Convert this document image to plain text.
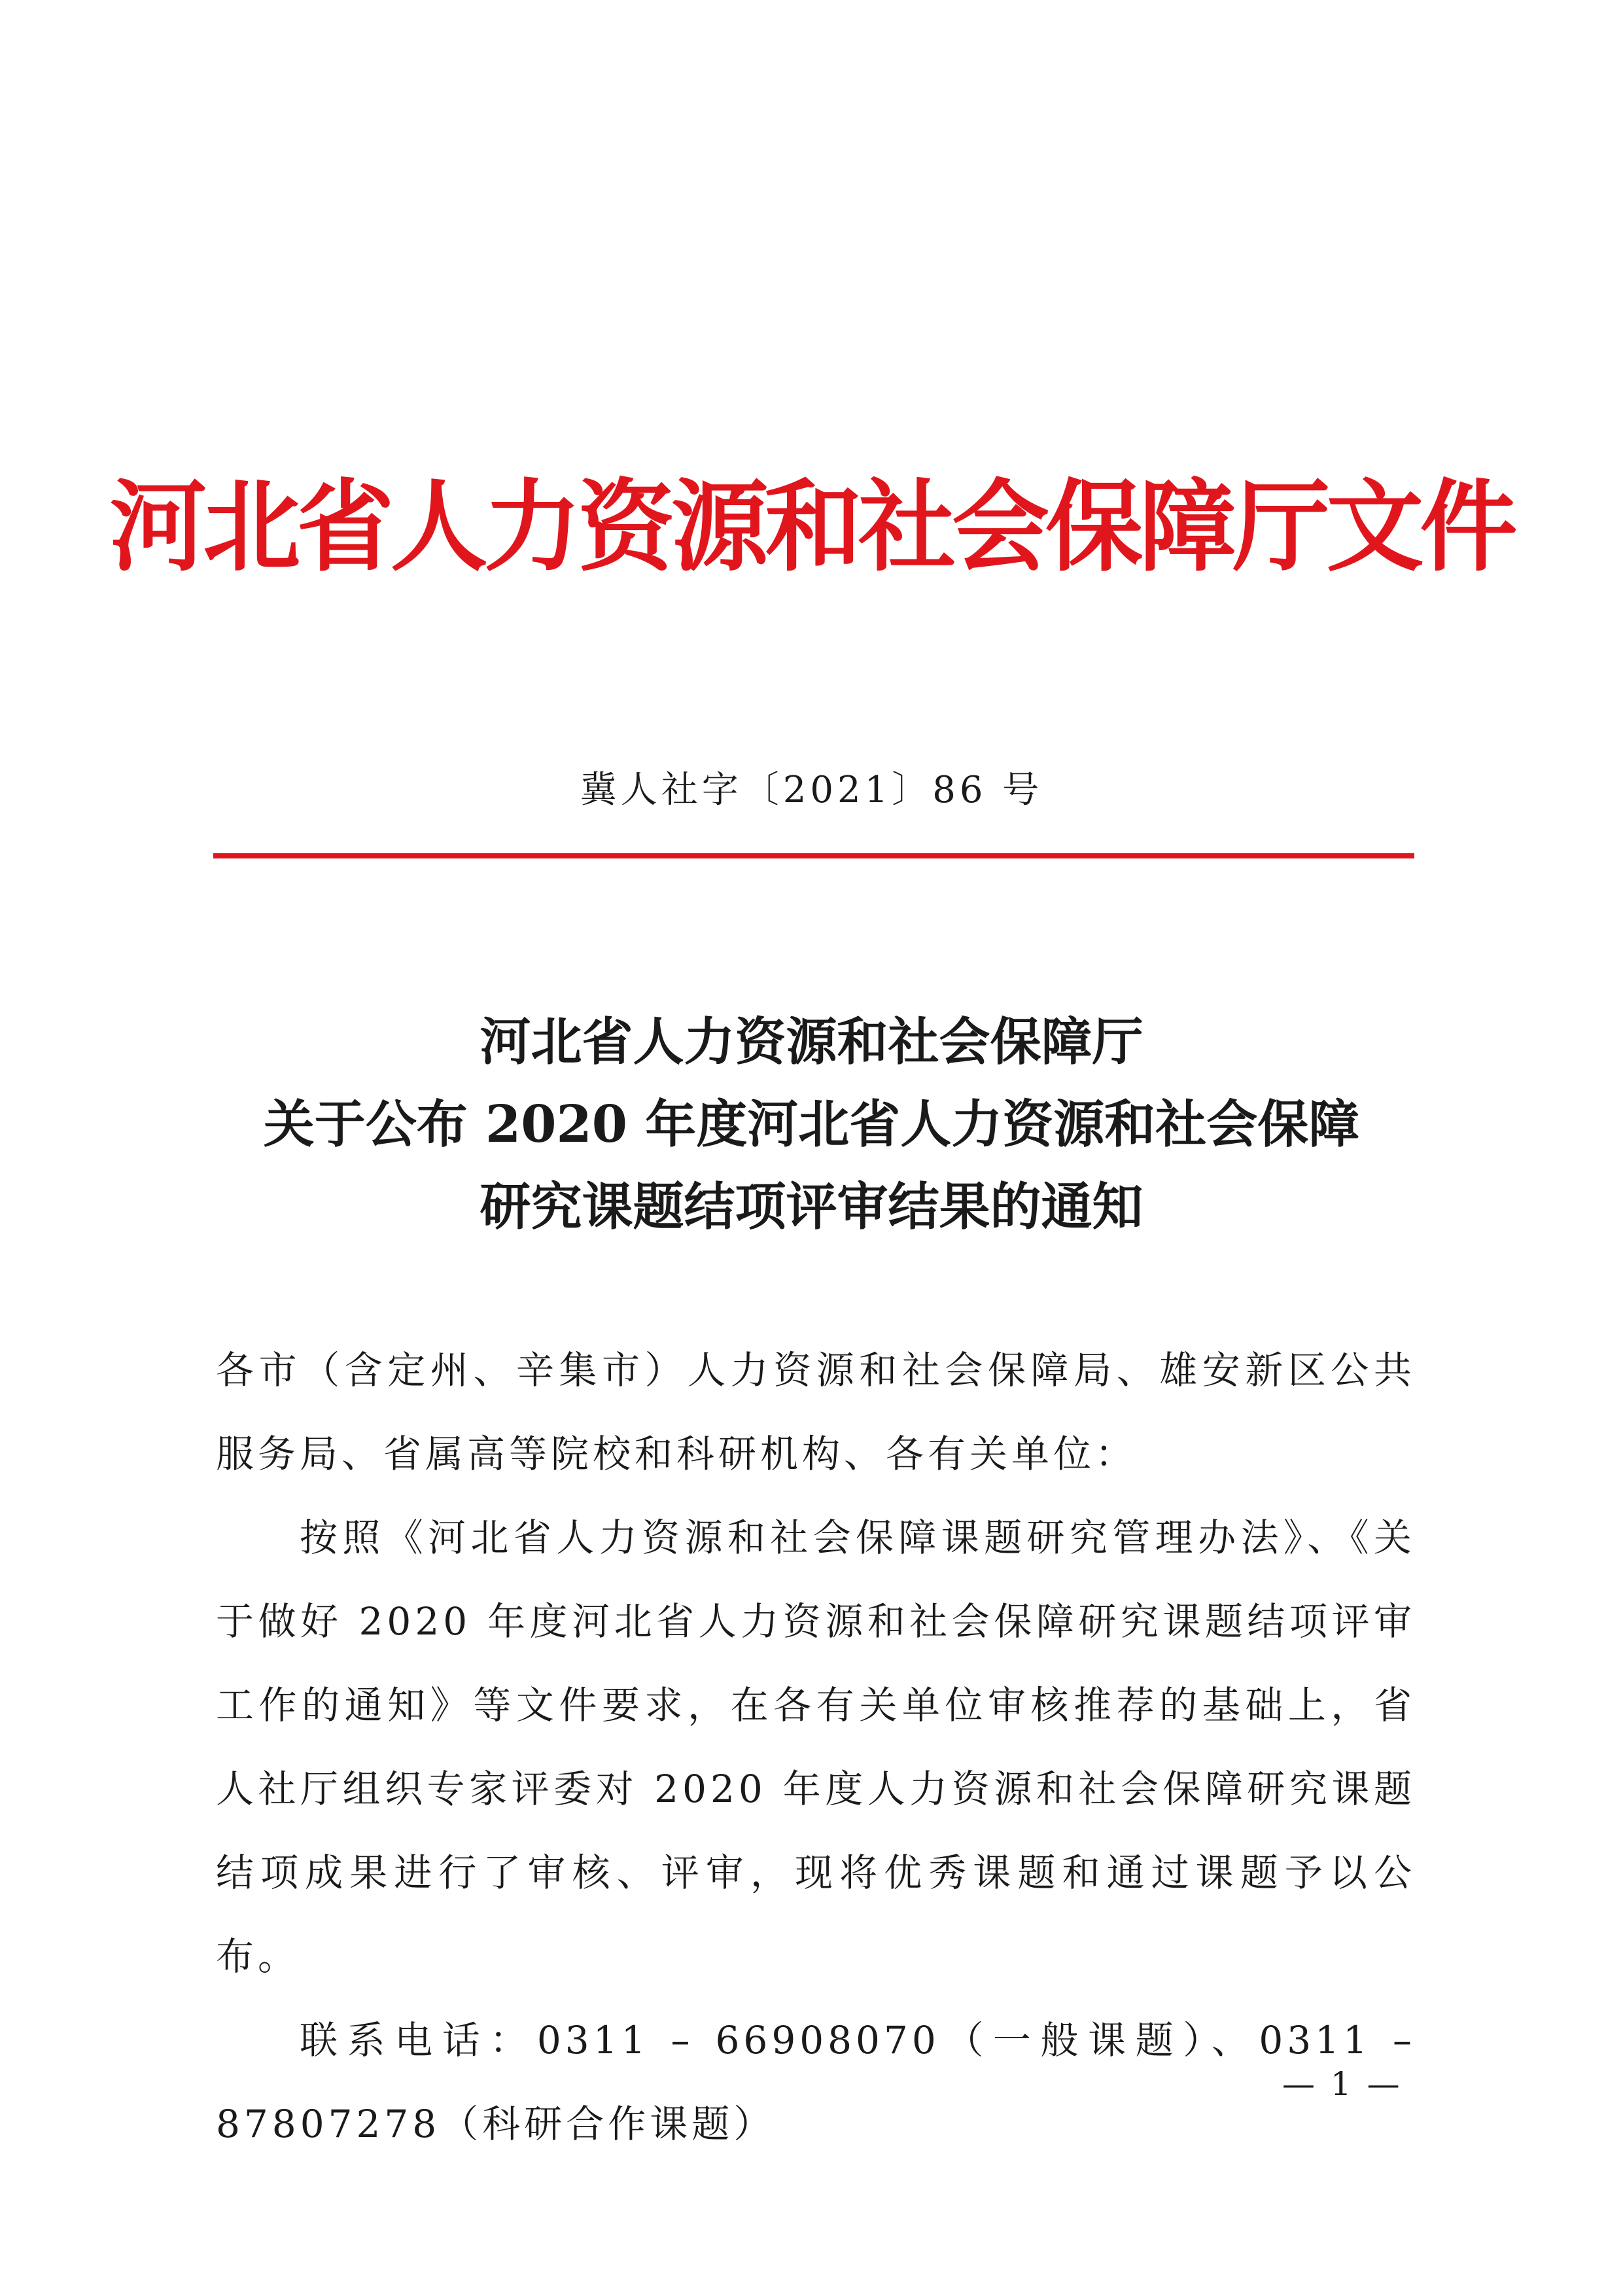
河北省人力资源和社会保障厅文件
冀人社字〔2021〕86 号
河北省人力资源和社会保障厅
关于公布 2020 年度河北省人力资源和社会保障
研究课题结项评审结果的通知

各市（含定州、辛集市）人力资源和社会保障局、雄安新区公共服务局、省属高等院校和科研机构、各有关单位：

按照《河北省人力资源和社会保障课题研究管理办法》、《关于做好 2020 年度河北省人力资源和社会保障研究课题结项评审工作的通知》等文件要求，在各有关单位审核推荐的基础上，省人社厅组织专家评委对 2020 年度人力资源和社会保障研究课题结项成果进行了审核、评审，现将优秀课题和通过课题予以公布。

联系电话：0311 – 66908070（一般课题）、0311 – 87807278（科研合作课题）

— 1 —
